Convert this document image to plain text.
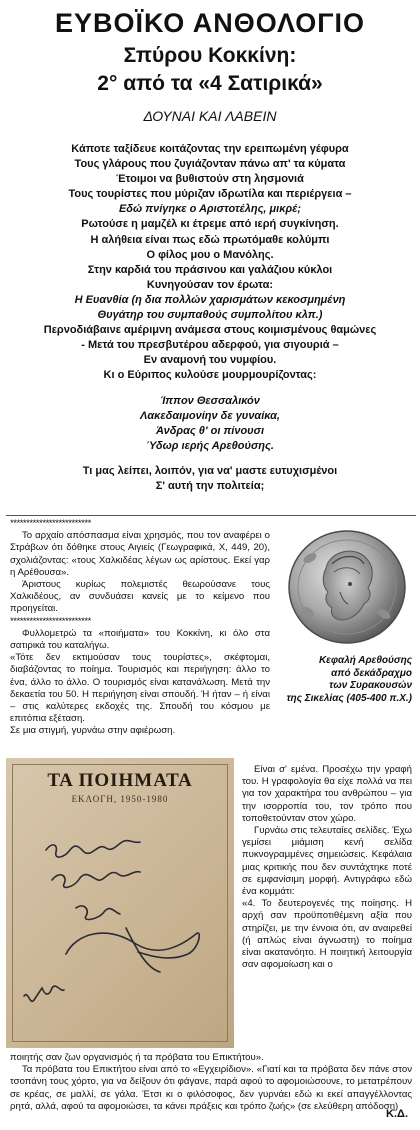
ΕΥΒΟΪΚΟ ΑΝΘΟΛΟΓΙΟ
Σπύρου Κοκκίνη:
2° από τα «4 Σατιρικά»
ΔΟΥΝΑΙ ΚΑΙ ΛΑΒΕΙΝ
Κάποτε ταξίδευε κοιτάζοντας την ερειπωμένη γέφυρα
Τους γλάρους που ζυγιάζονταν πάνω απ' τα κύματα
Έτοιμοι να βυθιστούν στη λησμονιά
Τους τουρίστες που μύριζαν ιδρωτίλα και περιέργεια –
Εδώ πνίγηκε ο Αριστοτέλης, μικρέ;
Ρωτούσε η μαμζέλ κι έτρεμε από ιερή συγκίνηση.
Η αλήθεια είναι πως εδώ πρωτόμαθε κολύμπι
Ο φίλος μου ο Μανόλης.
Στην καρδιά του πράσινου και γαλάζιου κύκλοι
Κυνηγούσαν τον έρωτα:
Η Ευανθία (η δια πολλών χαρισμάτων κεκοσμημένη
Θυγάτηρ του συμπαθούς συμπολίτου κλπ.)
Περνοδιάβαινε αμέριμνη ανάμεσα στους κοιμισμένους θαμώνες
- Μετά του πρεσβυτέρου αδερφού, για σιγουριά –
Εν αναμονή του νυμφίου.
Κι ο Εύριπος κυλούσε μουρμουρίζοντας:
Ίππον Θεσσαλικόν
Λακεδαιμονίην δε γυναίκα,
Άνδρας θ' οι πίνουσι
Ύδωρ ιερής Αρεθούσης.
Τι μας λείπει, λοιπόν, για να' μαστε ευτυχισμένοι
Σ' αυτή την πολιτεία;

*************************

Το αρχαίο απόσπασμα είναι χρησμός, που τον αναφέρει ο Στράβων ότι δόθηκε στους Αιγιείς (Γεωγραφικά, Χ, 449, 20), σχολιάζοντας: «τους Χαλκιδέας λέγων ως αρίστους. Εκεί γαρ η Αρέθουσα».

Άριστους κυρίως πολεμιστές θεωρούσανε τους Χαλκιδέους, αν συνδυάσει κανείς με το κείμενο που προηγείται.

*************************

Φυλλομετρώ τα «ποιήματα» του Κοκκίνη, κι όλο στα σατιρικά του καταλήγω.

«Τότε δεν εκτιμούσαν τους τουρίστες», σκέφτομαι, διαβάζοντας το ποίημα. Τουρισμός και περιήγηση: άλλο το ένα, άλλο το άλλο. Ο τουρισμός είναι κατανάλωση. Μετά την δεκαετία του 50. Η περιήγηση είναι σπουδή. Ή ήταν – ή είναι – στις καλύτερες εκδοχές της. Σπουδή του κόσμου με επιτόπια εξέταση.

Σε μια στιγμή, γυρνάω στην αφιέρωση.

Κεφαλή Αρεθούσης
από δεκάδραχμο
των Συρακουσών
της Σικελίας (405-400 π.Χ.)
ΤΑ ΠΟΙΗΜΑΤΑ
ΕΚΛΟΓΗ, 1950-1980

Είναι σ' εμένα. Προσέχω την γραφή του. Η γραφολογία θα είχε πολλά να πει για τον χαρακτήρα του ανθρώπου – για την ισορροπία του, τον τρόπο που τοποθετούνταν στον χώρο.

Γυρνάω στις τελευταίες σελίδες. Έχω γεμίσει μιάμιση κενή σελίδα πυκνογραμμένες σημειώσεις. Κεφάλαια μιας κριτικής που δεν συντάχτηκε ποτέ σε εμφανίσιμη μορφή. Αντιγράφω εδώ ένα κομμάτι:

«4. Το δευτερογενές της ποίησης. Η αρχή σαν προϋποτιθέμενη αξία που στηρίζει, με την έννοια ότι, αν αναιρεθεί (ή απλώς είναι άγνωστη) το ποίημα είναι ακατανόητο. Η ποιητική λειτουργία σαν αφομοίωση και ο

ποιητής σαν ζων οργανισμός ή τα πρόβατα του Επικτήτου».

Τα πρόβατα του Επικτήτου είναι από το «Εγχειρίδιον». «Γιατί και τα πρόβατα δεν πάνε στον τσοπάνη τους χόρτο, για να δείξουν ότι φάγανε, παρά αφού το αφομοιώσουνε, το μετατρέπουν σε κρέας, σε μαλλί, σε γάλα. Έτσι κι ο φιλόσοφος, δεν γυρνάει εδώ κι εκεί απαγγέλλοντας ρητά, αλλά, αφού τα αφομοιώσει, τα κάνει πράξεις και τρόπο ζωής» (σε ελεύθερη απόδοση)

Κ.Δ.
